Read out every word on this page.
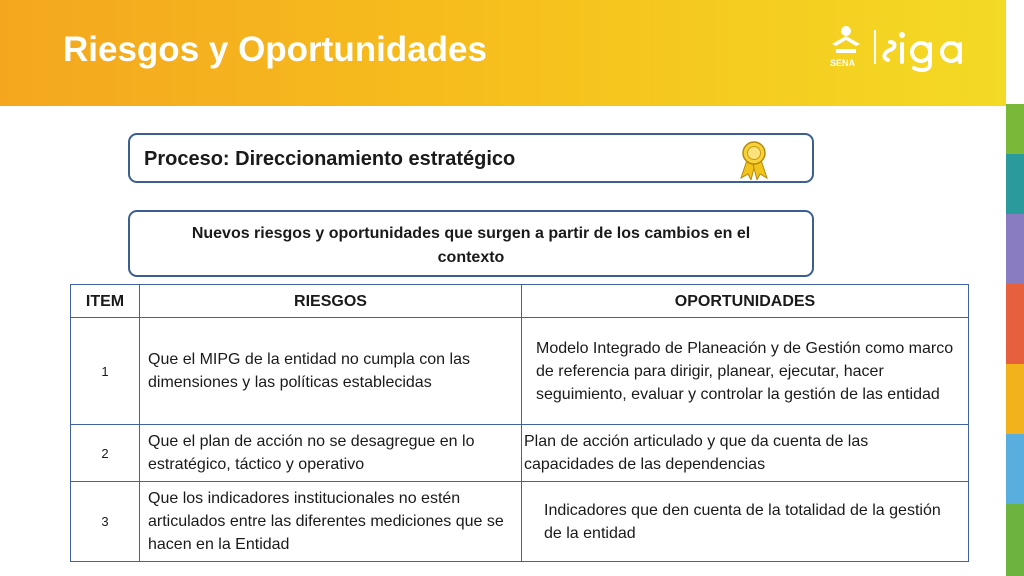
Riesgos y Oportunidades	SENA
Proceso: Direccionamiento estratégico
Nuevos riesgos y oportunidades que surgen a partir de los cambios en el contexto
ITEM	RIESGOS	OPORTUNIDADES
1	Que el MIPG de la entidad no cumpla con las dimensiones y las políticas establecidas	Modelo Integrado de Planeación y de Gestión como marco de referencia para dirigir, planear, ejecutar, hacer seguimiento, evaluar y controlar la gestión de las entidad
2	Que el plan de acción no se desagregue en lo estratégico, táctico y operativo	Plan de acción articulado y que da cuenta de las capacidades de las dependencias
3	Que los indicadores institucionales no estén articulados entre las diferentes mediciones que se hacen en la Entidad	Indicadores que den cuenta de la totalidad de la gestión de la entidad
